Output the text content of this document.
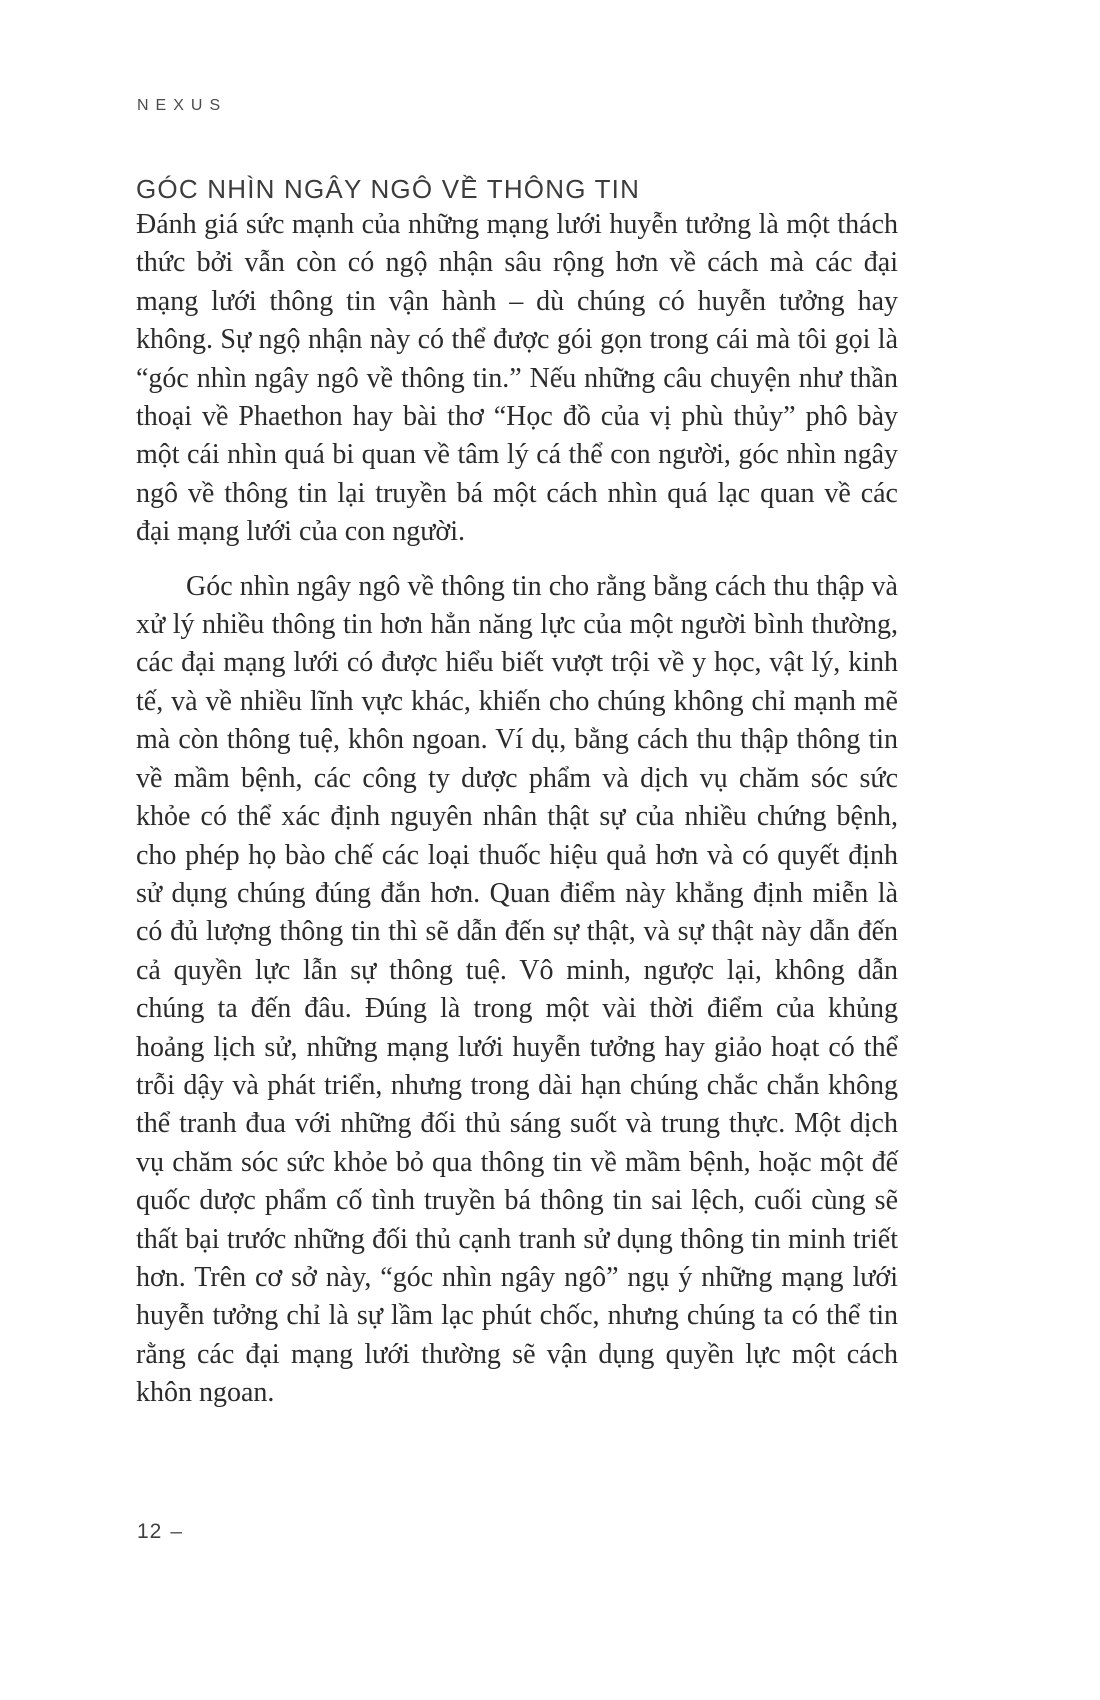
NEXUS
GÓC NHÌN NGÂY NGÔ VỀ THÔNG TIN

Đánh giá sức mạnh của những mạng lưới huyễn tưởng là một thách thức bởi vẫn còn có ngộ nhận sâu rộng hơn về cách mà các đại mạng lưới thông tin vận hành – dù chúng có huyễn tưởng hay không. Sự ngộ nhận này có thể được gói gọn trong cái mà tôi gọi là “góc nhìn ngây ngô về thông tin.” Nếu những câu chuyện như thần thoại về Phaethon hay bài thơ “Học đồ của vị phù thủy” phô bày một cái nhìn quá bi quan về tâm lý cá thể con người, góc nhìn ngây ngô về thông tin lại truyền bá một cách nhìn quá lạc quan về các đại mạng lưới của con người.

Góc nhìn ngây ngô về thông tin cho rằng bằng cách thu thập và xử lý nhiều thông tin hơn hẳn năng lực của một người bình thường, các đại mạng lưới có được hiểu biết vượt trội về y học, vật lý, kinh tế, và về nhiều lĩnh vực khác, khiến cho chúng không chỉ mạnh mẽ mà còn thông tuệ, khôn ngoan. Ví dụ, bằng cách thu thập thông tin về mầm bệnh, các công ty dược phẩm và dịch vụ chăm sóc sức khỏe có thể xác định nguyên nhân thật sự của nhiều chứng bệnh, cho phép họ bào chế các loại thuốc hiệu quả hơn và có quyết định sử dụng chúng đúng đắn hơn. Quan điểm này khẳng định miễn là có đủ lượng thông tin thì sẽ dẫn đến sự thật, và sự thật này dẫn đến cả quyền lực lẫn sự thông tuệ. Vô minh, ngược lại, không dẫn chúng ta đến đâu. Đúng là trong một vài thời điểm của khủng hoảng lịch sử, những mạng lưới huyễn tưởng hay giảo hoạt có thể trỗi dậy và phát triển, nhưng trong dài hạn chúng chắc chắn không thể tranh đua với những đối thủ sáng suốt và trung thực. Một dịch vụ chăm sóc sức khỏe bỏ qua thông tin về mầm bệnh, hoặc một đế quốc dược phẩm cố tình truyền bá thông tin sai lệch, cuối cùng sẽ thất bại trước những đối thủ cạnh tranh sử dụng thông tin minh triết hơn. Trên cơ sở này, “góc nhìn ngây ngô” ngụ ý những mạng lưới huyễn tưởng chỉ là sự lầm lạc phút chốc, nhưng chúng ta có thể tin rằng các đại mạng lưới thường sẽ vận dụng quyền lực một cách khôn ngoan.

12 –
